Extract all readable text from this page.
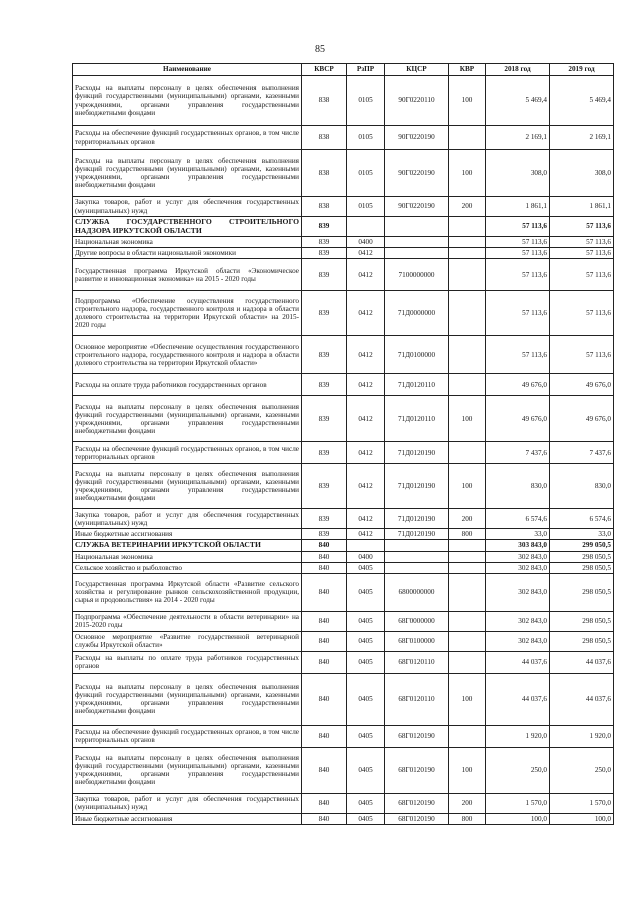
85
Наименование	КВСР	РзПР	КЦСР	КВР	2018 год	2019 год
Расходы на выплаты персоналу в целях обеспечения выполнения функций государственными (муниципальными) органами, казенными учреждениями, органами управления государственными внебюджетными фондами	838	0105	90Г0220110	100	5 469,4	5 469,4
Расходы на обеспечение функций государственных органов, в том числе территориальных органов	838	0105	90Г0220190		2 169,1	2 169,1
Расходы на выплаты персоналу в целях обеспечения выполнения функций государственными (муниципальными) органами, казенными учреждениями, органами управления государственными внебюджетными фондами	838	0105	90Г0220190	100	308,0	308,0
Закупка товаров, работ и услуг для обеспечения государственных (муниципальных) нужд	838	0105	90Г0220190	200	1 861,1	1 861,1
СЛУЖБА ГОСУДАРСТВЕННОГО СТРОИТЕЛЬНОГО НАДЗОРА ИРКУТСКОЙ ОБЛАСТИ	839				57 113,6	57 113,6
Национальная экономика	839	0400			57 113,6	57 113,6
Другие вопросы в области национальной экономики	839	0412			57 113,6	57 113,6
Государственная программа Иркутской области «Экономическое развитие и инновационная экономика» на 2015 - 2020 годы	839	0412	7100000000		57 113,6	57 113,6
Подпрограмма «Обеспечение осуществления государственного строительного надзора, государственного контроля и надзора в области долевого строительства на территории Иркутской области» на 2015-2020 годы	839	0412	71Д0000000		57 113,6	57 113,6
Основное мероприятие «Обеспечение осуществления государственного строительного надзора, государственного контроля и надзора в области долевого строительства на территории Иркутской области»	839	0412	71Д0100000		57 113,6	57 113,6
Расходы на оплате труда работников государственных органов	839	0412	71Д0120110		49 676,0	49 676,0
Расходы на выплаты персоналу в целях обеспечения выполнения функций государственными (муниципальными) органами, казенными учреждениями, органами управления государственными внебюджетными фондами	839	0412	71Д0120110	100	49 676,0	49 676,0
Расходы на обеспечение функций государственных органов, в том числе территориальных органов	839	0412	71Д0120190		7 437,6	7 437,6
Расходы на выплаты персоналу в целях обеспечения выполнения функций государственными (муниципальными) органами, казенными учреждениями, органами управления государственными внебюджетными фондами	839	0412	71Д0120190	100	830,0	830,0
Закупка товаров, работ и услуг для обеспечения государственных (муниципальных) нужд	839	0412	71Д0120190	200	6 574,6	6 574,6
Иные бюджетные ассигнования	839	0412	71Д0120190	800	33,0	33,0
СЛУЖБА ВЕТЕРИНАРИИ ИРКУТСКОЙ ОБЛАСТИ	840				303 843,0	299 050,5
Национальная экономика	840	0400			302 843,0	298 050,5
Сельское хозяйство и рыболовство	840	0405			302 843,0	298 050,5
Государственная программа Иркутской области «Развитие сельского хозяйства и регулирование рынков сельскохозяйственной продукции, сырья и продовольствия» на 2014 - 2020 годы	840	0405	6800000000		302 843,0	298 050,5
Подпрограмма «Обеспечение деятельности в области ветеринарии» на 2015-2020 годы	840	0405	68Г0000000		302 843,0	298 050,5
Основное мероприятие «Развитие государственной ветеринарной службы Иркутской области»	840	0405	68Г0100000		302 843,0	298 050,5
Расходы на выплаты по оплате труда работников государственных органов	840	0405	68Г0120110		44 037,6	44 037,6
Расходы на выплаты персоналу в целях обеспечения выполнения функций государственными (муниципальными) органами, казенными учреждениями, органами управления государственными внебюджетными фондами	840	0405	68Г0120110	100	44 037,6	44 037,6
Расходы на обеспечение функций государственных органов, в том числе территориальных органов	840	0405	68Г0120190		1 920,0	1 920,0
Расходы на выплаты персоналу в целях обеспечения выполнения функций государственными (муниципальными) органами, казенными учреждениями, органами управления государственными внебюджетными фондами	840	0405	68Г0120190	100	250,0	250,0
Закупка товаров, работ и услуг для обеспечения государственных (муниципальных) нужд	840	0405	68Г0120190	200	1 570,0	1 570,0
Иные бюджетные ассигнования	840	0405	68Г0120190	800	100,0	100,0
